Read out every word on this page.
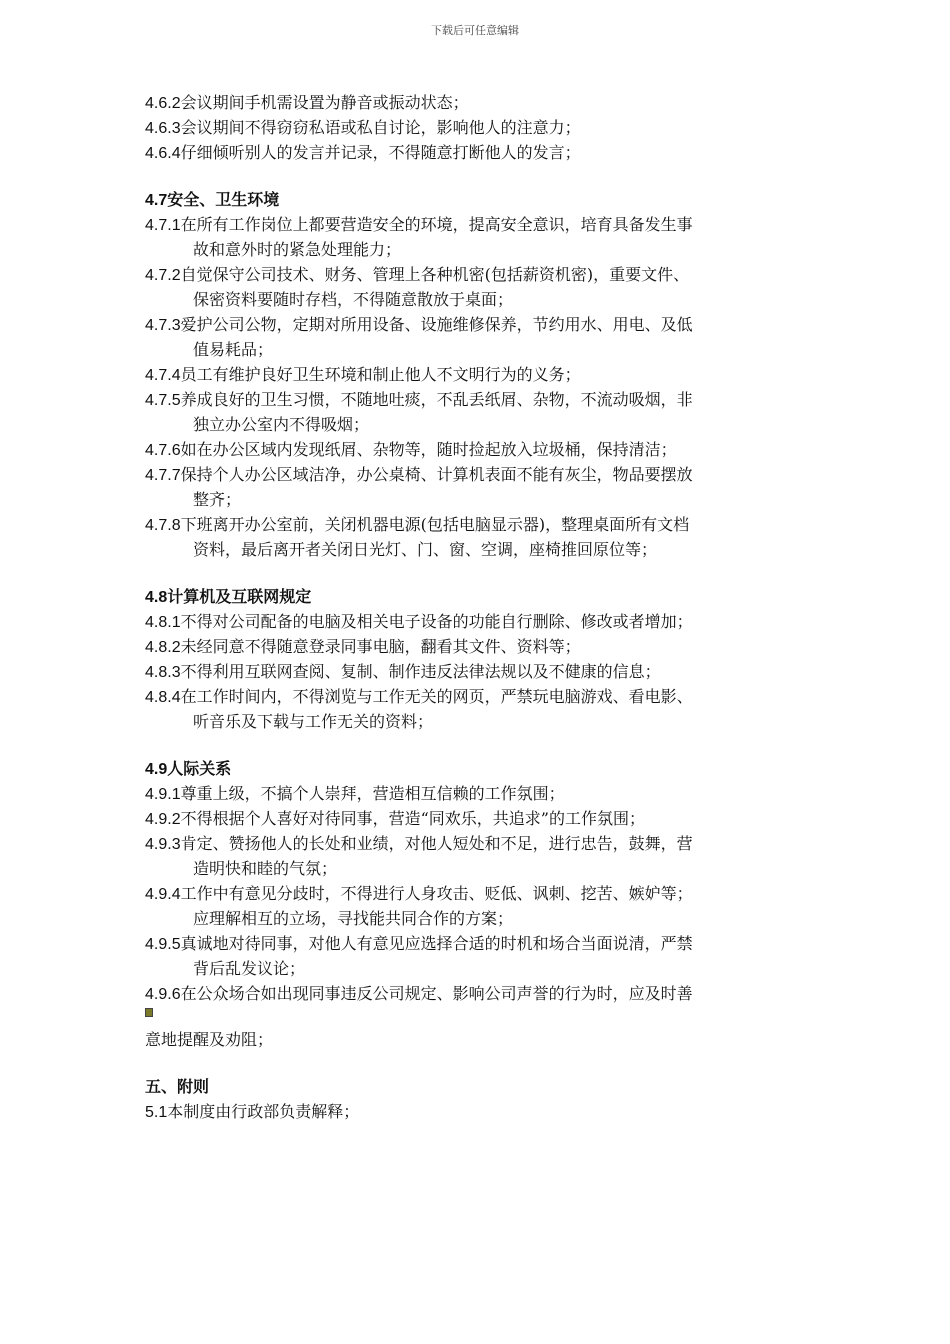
下载后可任意编辑
4.6.2会议期间手机需设置为静音或振动状态；
4.6.3会议期间不得窃窃私语或私自讨论，影响他人的注意力；
4.6.4仔细倾听别人的发言并记录，不得随意打断他人的发言；
4.7安全、卫生环境
4.7.1在所有工作岗位上都要营造安全的环境，提高安全意识，培育具备发生事
故和意外时的紧急处理能力；
4.7.2自觉保守公司技术、财务、管理上各种机密(包括薪资机密)，重要文件、
保密资料要随时存档，不得随意散放于桌面；
4.7.3爱护公司公物，定期对所用设备、设施维修保养，节约用水、用电、及低
值易耗品；
4.7.4员工有维护良好卫生环境和制止他人不文明行为的义务；
4.7.5养成良好的卫生习惯，不随地吐痰，不乱丢纸屑、杂物，不流动吸烟，非
独立办公室内不得吸烟；
4.7.6如在办公区域内发现纸屑、杂物等，随时捡起放入垃圾桶，保持清洁；
4.7.7保持个人办公区域洁净，办公桌椅、计算机表面不能有灰尘，物品要摆放
整齐；
4.7.8下班离开办公室前，关闭机器电源(包括电脑显示器)，整理桌面所有文档
资料，最后离开者关闭日光灯、门、窗、空调，座椅推回原位等；
4.8计算机及互联网规定
4.8.1不得对公司配备的电脑及相关电子设备的功能自行删除、修改或者增加；
4.8.2未经同意不得随意登录同事电脑，翻看其文件、资料等；
4.8.3不得利用互联网查阅、复制、制作违反法律法规以及不健康的信息；
4.8.4在工作时间内，不得浏览与工作无关的网页，严禁玩电脑游戏、看电影、
听音乐及下载与工作无关的资料；
4.9人际关系
4.9.1尊重上级，不搞个人崇拜，营造相互信赖的工作氛围；
4.9.2不得根据个人喜好对待同事，营造“同欢乐，共追求”的工作氛围；
4.9.3肯定、赞扬他人的长处和业绩，对他人短处和不足，进行忠告，鼓舞，营
造明快和睦的气氛；
4.9.4工作中有意见分歧时，不得进行人身攻击、贬低、讽刺、挖苦、嫉妒等；
应理解相互的立场，寻找能共同合作的方案；
4.9.5真诚地对待同事，对他人有意见应选择合适的时机和场合当面说清，严禁
背后乱发议论；
4.9.6在公众场合如出现同事违反公司规定、影响公司声誉的行为时，应及时善
意地提醒及劝阻；
五、附则
5.1本制度由行政部负责解释；
